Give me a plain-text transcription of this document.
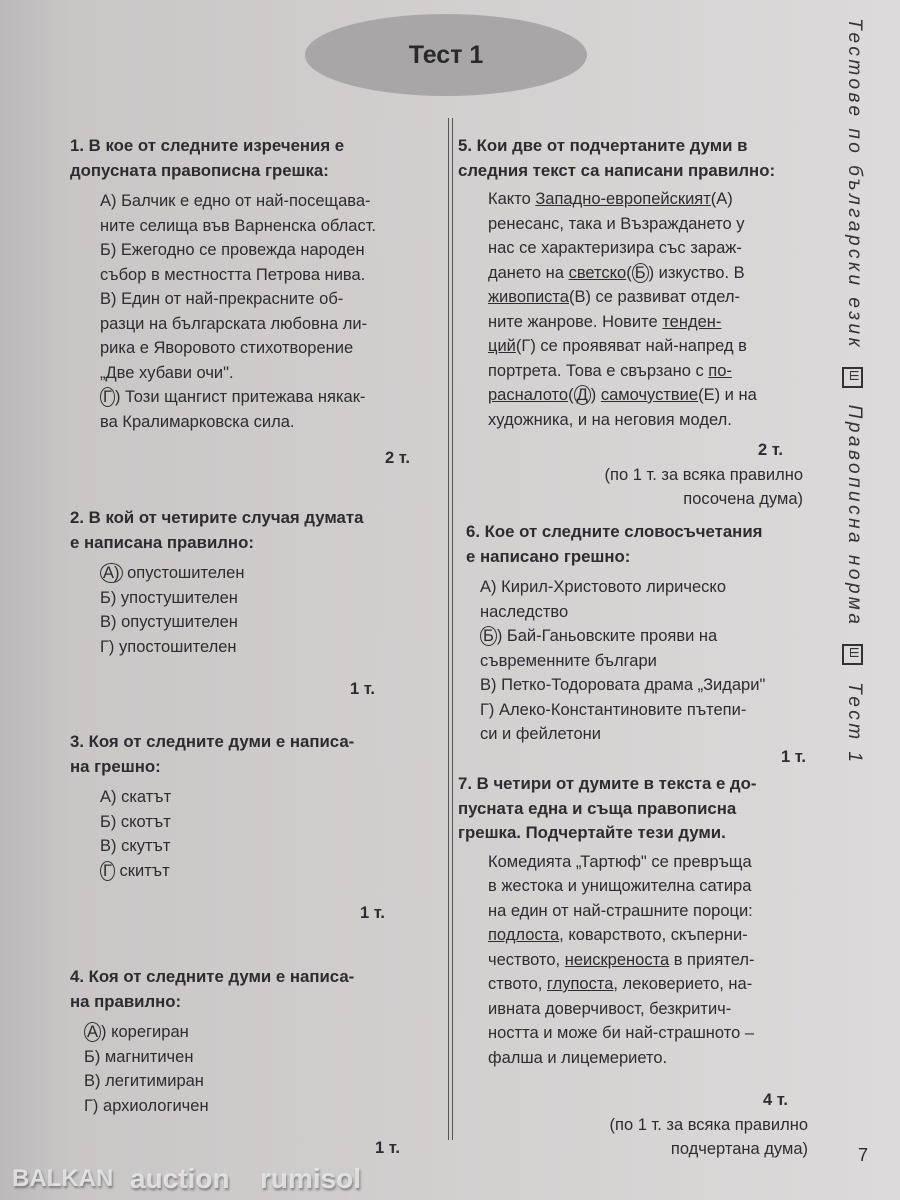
Тест 1
1. В кое от следните изречения е
допусната правописна грешка:
А) Балчик е едно от най-посещава-
ните селища във Варненска област.
Б) Ежегодно се провежда народен
събор в местността Петрова нива.
В) Един от най-прекрасните об-
разци на българската любовна ли-
рика е Яворовото стихотворение
„Две хубави очи".
Г ) Този щангист притежава някак-
ва Кралимарковска сила.
2 т.
2. В кой от четирите случая думата
е написана правилно:
А) опустошителен
Б) упостушителен
В) опустушителен
Г) упостошителен
1 т.
3. Коя от следните думи е написа-
на грешно:
А) скатът
Б) скотът
В) скутът
Г скитът
1 т.
4. Коя от следните думи е написа-
на правилно:
А ) корегиран
Б) магнитичен
В) легитимиран
Г) архиологичен
1 т.
5. Кои две от подчертаните думи в
следния текст са написани правилно:
Както Западно-европейският(А)
ренесанс, така и Възраждането у
нас се характеризира със зараж-
дането на светско( Б ) изкуство. В
живописта(В) се развиват отдел-
ните жанрове. Новите тенден-
ций(Г) се проявяват най-напред в
портрета. Това е свързано с по-
расналото( Д ) самочуствие(Е) и на
художника, и на неговия модел.
2 т.
(по 1 т. за всяка правилно
посочена дума)
6. Кое от следните словосъчетания
е написано грешно:
А) Кирил-Христовото лирическо
наследство
Б ) Бай-Ганьовските прояви на
съвременните българи
В) Петко-Тодоровата драма „Зидари"
Г) Алеко-Константиновите пътепи-
си и фейлетони
1 т.
7. В четири от думите в текста е до-
пусната една и съща правописна
грешка. Подчертайте тези думи.
Комедията „Тартюф" се превръща
в жестока и унищожителна сатира
на един от най-страшните пороци:
подлоста, коварството, скъперни-
чеството, неискреноста в приятел-
ството, глупоста, лековерието, на-
ивната доверчивост, безкритич-
ността и може би най-страшното –
фалша и лицемерието.
4 т.
(по 1 т. за всяка правилно
подчертана дума)
Тестове по български език Ш Правописна норма Ш Тест 1
7
BALKAN auction rumisol
